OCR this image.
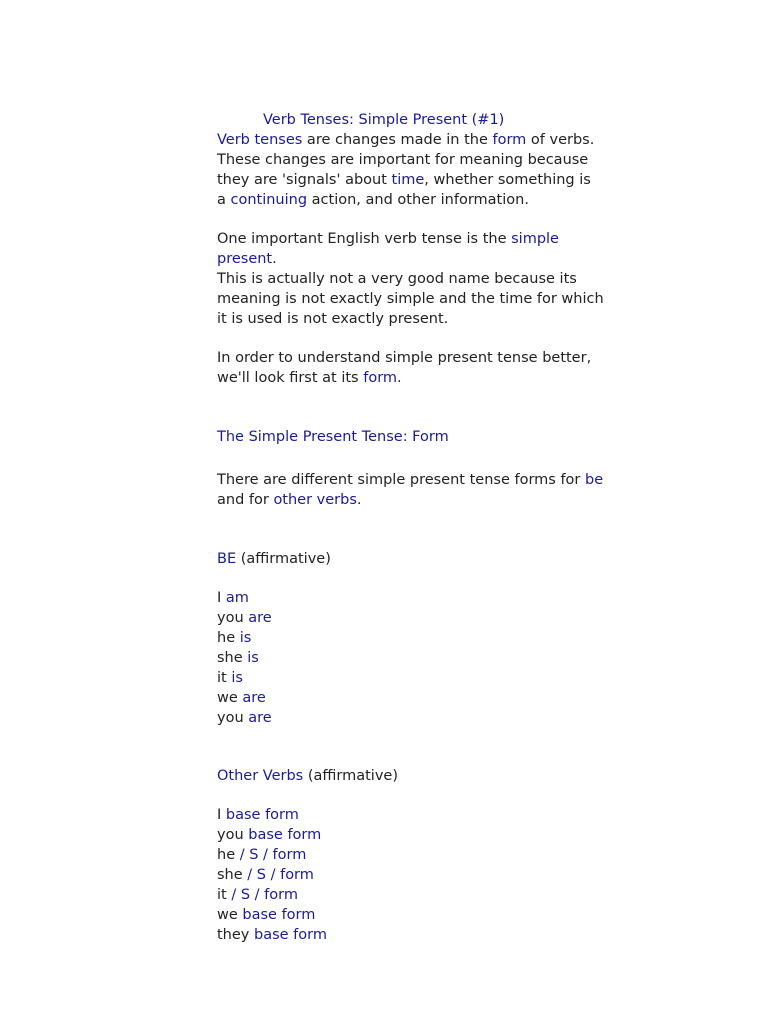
Verb Tenses: Simple Present (#1)
Verb tenses are changes made in the form of verbs.
These changes are important for meaning because
they are 'signals' about time, whether something is
a continuing action, and other information.
One important English verb tense is the simple
present.
This is actually not a very good name because its
meaning is not exactly simple and the time for which
it is used is not exactly present.
In order to understand simple present tense better,
we'll look first at its form.
The Simple Present Tense: Form
There are different simple present tense forms for be
and for other verbs.
BE (affirmative)
I am
you are
he is
she is
it is
we are
you are
Other Verbs (affirmative)
I base form
you base form
he / S / form
she / S / form
it / S / form
we base form
they base form
